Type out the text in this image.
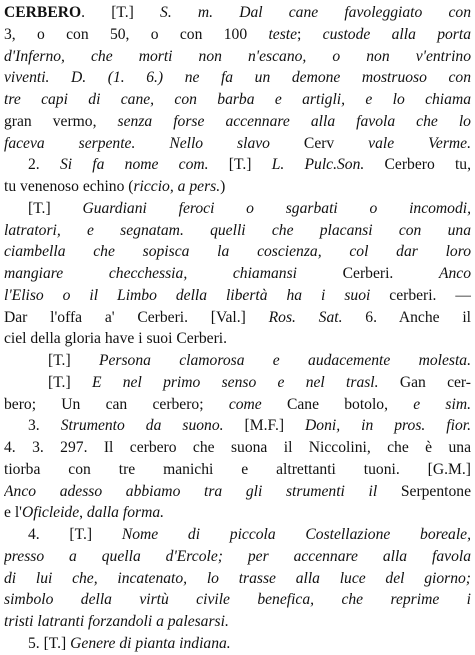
CERBERO. [T.] S. m. Dal cane favoleggiato con
3, o con 50, o con 100 teste; custode alla porta
d'Inferno, che morti non n'escano, o non v'entrino
viventi. D. (1. 6.) ne fa un demone mostruoso con
tre capi di cane, con barba e artigli, e lo chiama
gran vermo, senza forse accennare alla favola che lo
faceva serpente. Nello slavo Cerv vale Verme.
2. Si fa nome com. [T.] L. Pulc.Son. Cerbero tu,
tu venenoso echino (riccio, a pers.)
[T.] Guardiani feroci o sgarbati o incomodi,
latratori, e segnatam. quelli che placansi con una
ciambella che sopisca la coscienza, col dar loro
mangiare checchessia, chiamansi Cerberi. Anco
l'Eliso o il Limbo della libertà ha i suoi cerberi. —
Dar l'offa a' Cerberi. [Val.] Ros. Sat. 6. Anche il
ciel della gloria have i suoi Cerberi.
[T.] Persona clamorosa e audacemente molesta.
[T.] E nel primo senso e nel trasl. Gan cer-
bero; Un can cerbero; come Cane botolo, e sim.
3. Strumento da suono. [M.F.] Doni, in pros. fior.
4. 3. 297. Il cerbero che suona il Niccolini, che è una
tiorba con tre manichi e altrettanti tuoni. [G.M.]
Anco adesso abbiamo tra gli strumenti il Serpentone
e l'Oficleide, dalla forma.
4. [T.] Nome di piccola Costellazione boreale,
presso a quella d'Ercole; per accennare alla favola
di lui che, incatenato, lo trasse alla luce del giorno;
simbolo della virtù civile benefica, che reprime i
tristi latranti forzandoli a palesarsi.
5. [T.] Genere di pianta indiana.
